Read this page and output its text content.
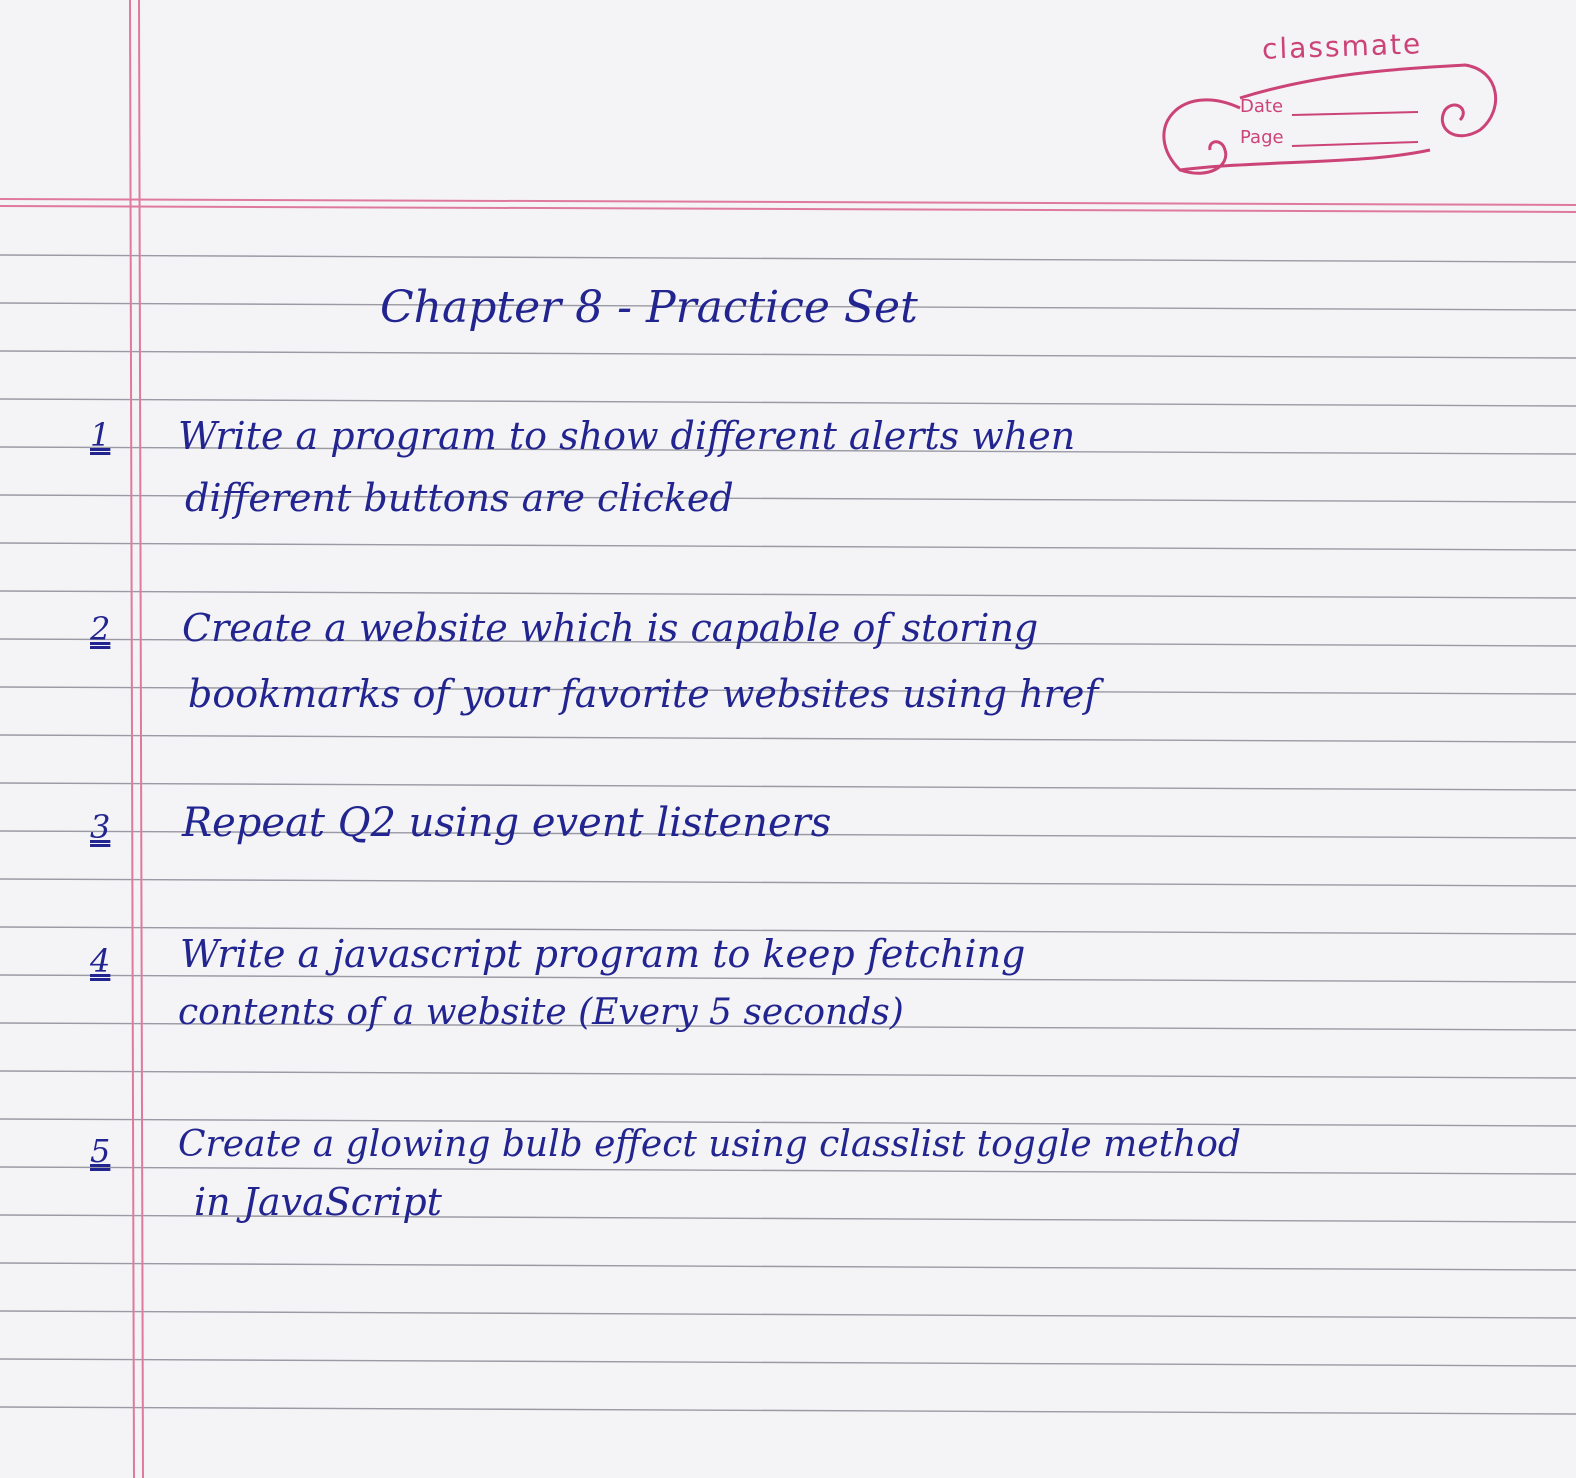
classmate
Date
Page
Chapter 8 - Practice Set
1 Write a program to show different alerts when
different buttons are clicked
2 Create a website which is capable of storing
bookmarks of your favorite websites using href
3 Repeat Q2 using event listeners
4 Write a javascript program to keep fetching
contents of a website (Every 5 seconds)
5 Create a glowing bulb effect using classlist toggle method
in JavaScript
